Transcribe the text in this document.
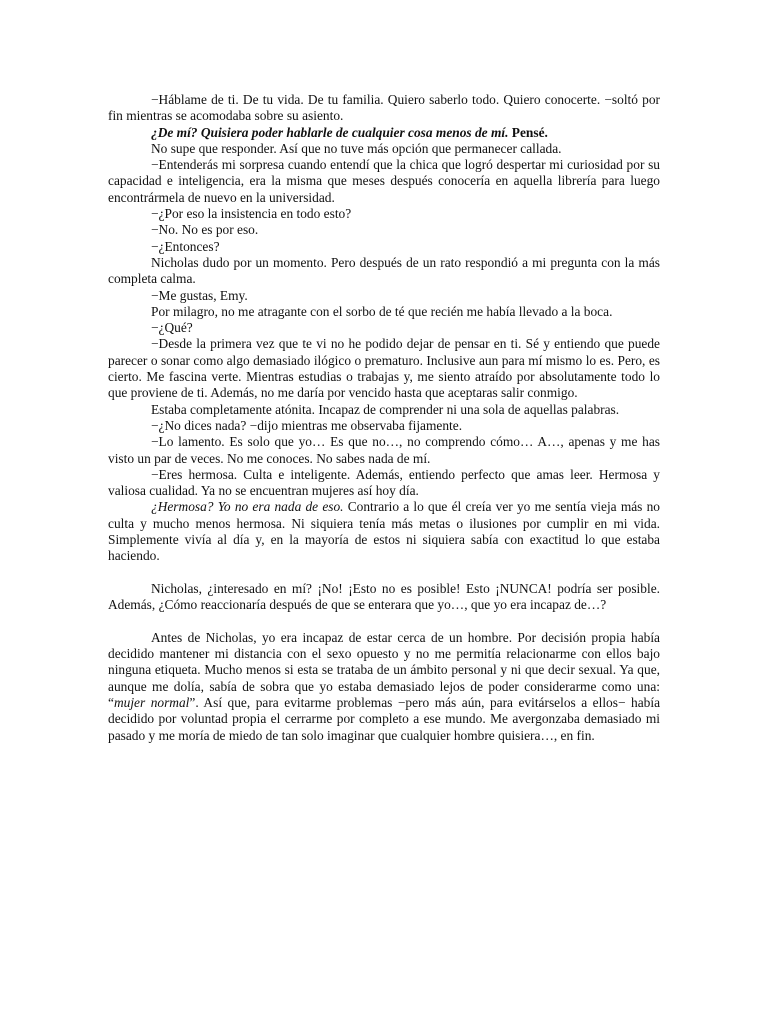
−Háblame de ti. De tu vida. De tu familia. Quiero saberlo todo. Quiero conocerte. −soltó por fin mientras se acomodaba sobre su asiento.

¿De mí? Quisiera poder hablarle de cualquier cosa menos de mí. Pensé.

No supe que responder. Así que no tuve más opción que permanecer callada.

−Entenderás mi sorpresa cuando entendí que la chica que logró despertar mi curiosidad por su capacidad e inteligencia, era la misma que meses después conocería en aquella librería para luego encontrármela de nuevo en la universidad.

−¿Por eso la insistencia en todo esto?

−No. No es por eso.

−¿Entonces?

Nicholas dudo por un momento. Pero después de un rato respondió a mi pregunta con la más completa calma.

−Me gustas, Emy.

Por milagro, no me atragante con el sorbo de té que recién me había llevado a la boca.

−¿Qué?

−Desde la primera vez que te vi no he podido dejar de pensar en ti. Sé y entiendo que puede parecer o sonar como algo demasiado ilógico o prematuro. Inclusive aun para mí mismo lo es. Pero, es cierto. Me fascina verte. Mientras estudias o trabajas y, me siento atraído por absolutamente todo lo que proviene de ti. Además, no me daría por vencido hasta que aceptaras salir conmigo.

Estaba completamente atónita. Incapaz de comprender ni una sola de aquellas palabras.

−¿No dices nada? −dijo mientras me observaba fijamente.

−Lo lamento. Es solo que yo… Es que no…, no comprendo cómo… A…, apenas y me has visto un par de veces. No me conoces. No sabes nada de mí.

−Eres hermosa. Culta e inteligente. Además, entiendo perfecto que amas leer. Hermosa y valiosa cualidad. Ya no se encuentran mujeres así hoy día.

¿Hermosa? Yo no era nada de eso. Contrario a lo que él creía ver yo me sentía vieja más no culta y mucho menos hermosa. Ni siquiera tenía más metas o ilusiones por cumplir en mi vida. Simplemente vivía al día y, en la mayoría de estos ni siquiera sabía con exactitud lo que estaba haciendo.

Nicholas, ¿interesado en mí? ¡No! ¡Esto no es posible! Esto ¡NUNCA! podría ser posible. Además, ¿Cómo reaccionaría después de que se enterara que yo…, que yo era incapaz de…?

Antes de Nicholas, yo era incapaz de estar cerca de un hombre. Por decisión propia había decidido mantener mi distancia con el sexo opuesto y no me permitía relacionarme con ellos bajo ninguna etiqueta. Mucho menos si esta se trataba de un ámbito personal y ni que decir sexual. Ya que, aunque me dolía, sabía de sobra que yo estaba demasiado lejos de poder considerarme como una: “mujer normal”. Así que, para evitarme problemas −pero más aún, para evitárselos a ellos− había decidido por voluntad propia el cerrarme por completo a ese mundo. Me avergonzaba demasiado mi pasado y me moría de miedo de tan solo imaginar que cualquier hombre quisiera…, en fin.
